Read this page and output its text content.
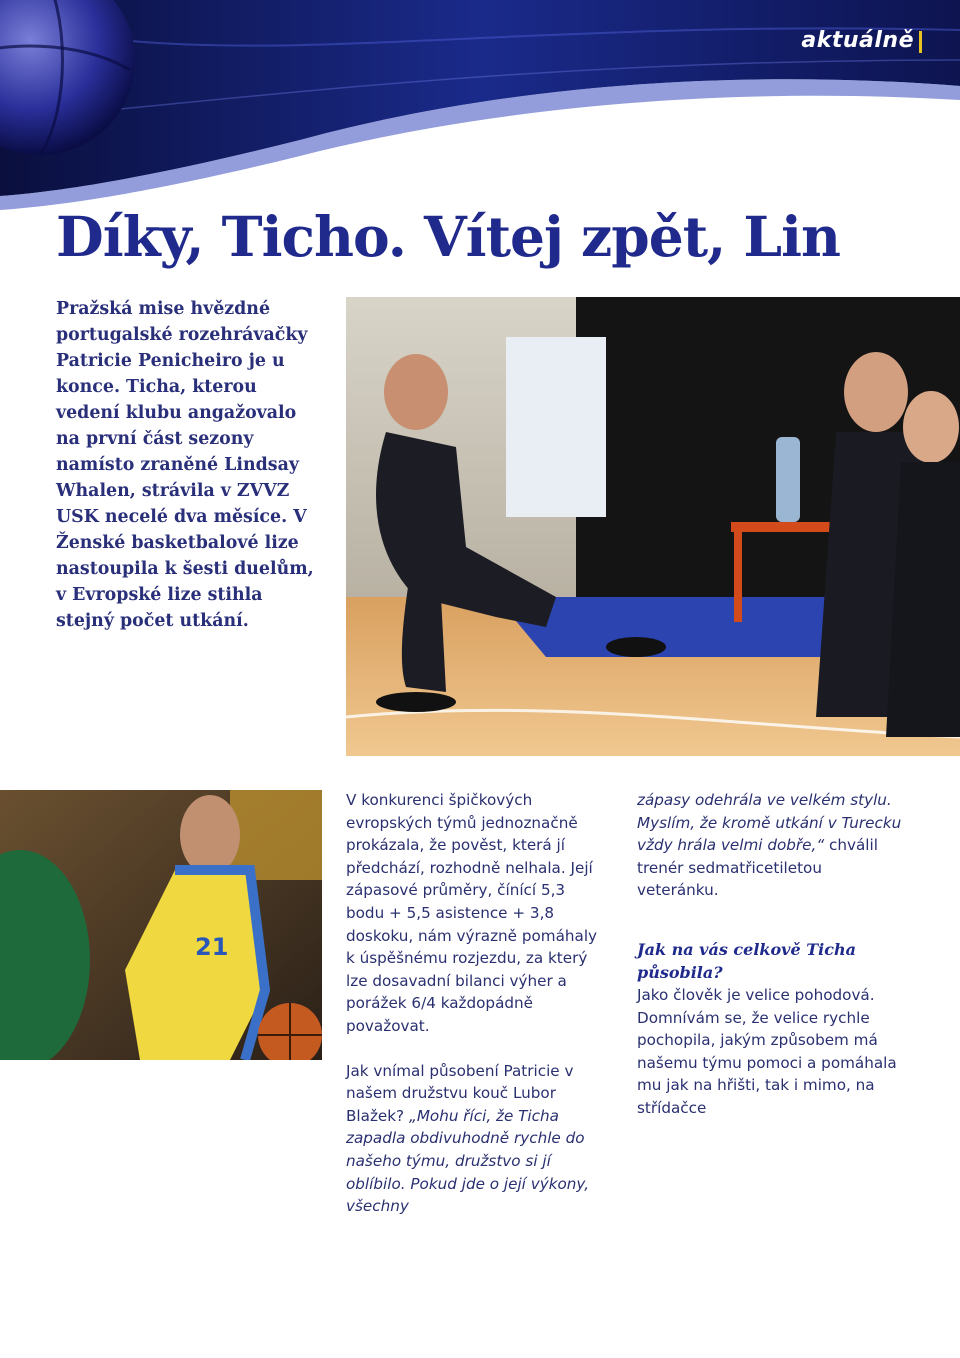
aktuálně
Díky, Ticho. Vítej zpět, Lin

Pražská mise hvězdné portugalské rozehrávačky Patricie Penicheiro je u konce. Ticha, kterou vedení klubu angažovalo na první část sezony namísto zraněné Lindsay Whalen, strávila v ZVVZ USK necelé dva měsíce. V Ženské basketbalové lize nastoupila k šesti duelům, v Evropské lize stihla stejný počet utkání.

21

V konkurenci špičkových evropských týmů jednoznačně prokázala, že pověst, která jí předchází, rozhodně nelhala. Její zápasové průměry, čínící 5,3 bodu + 5,5 asistence + 3,8 doskoku, nám výrazně pomáhaly k úspěšnému rozjezdu, za který lze dosavadní bilanci výher a porážek 6/4 každopádně považovat.

Jak vnímal působení Patricie v našem družstvu kouč Lubor Blažek? „Mohu říci, že Ticha zapadla obdivuhodně rychle do našeho týmu, družstvo si jí oblíbilo. Pokud jde o její výkony, všechny

zápasy odehrála ve velkém stylu. Myslím, že kromě utkání v Turecku vždy hrála velmi dobře,“ chválil trenér sedmatřicetiletou veteránku.

Jak na vás celkově Ticha působila?

Jako člověk je velice pohodová. Domnívám se, že velice rychle pochopila, jakým způsobem má našemu týmu pomoci a pomáhala mu jak na hřišti, tak i mimo, na střídačce
